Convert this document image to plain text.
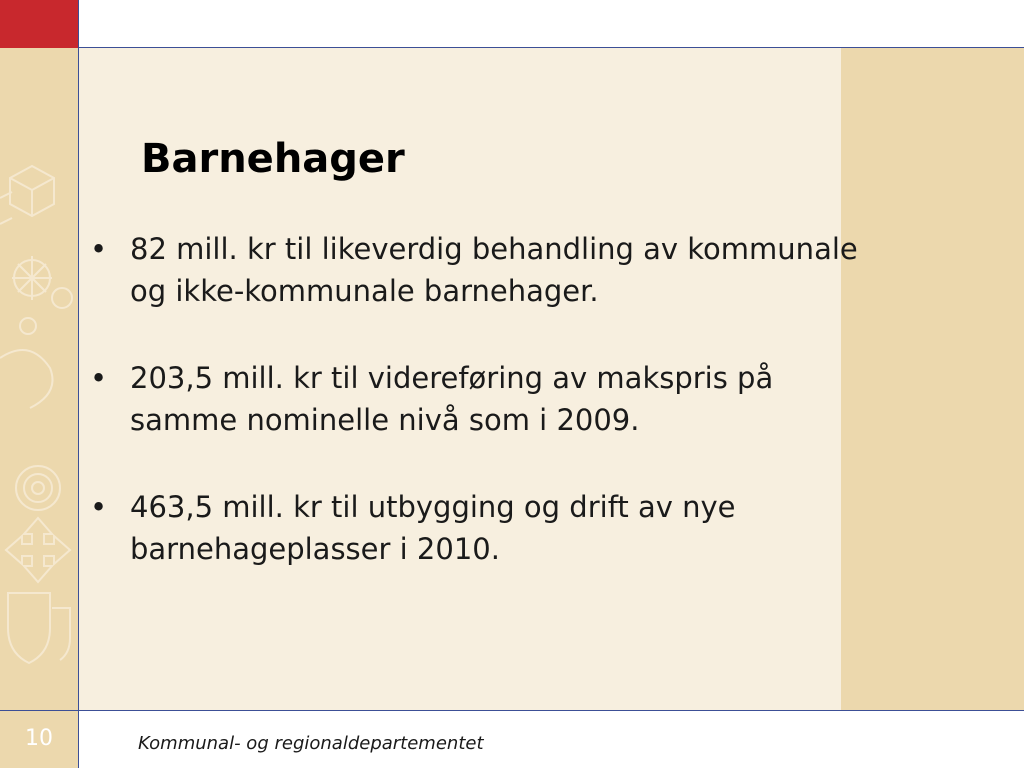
Barnehager
• 82 mill. kr til likeverdig behandling av kommunale og ikke-kommunale barnehager.
• 203,5 mill. kr til videreføring av makspris på samme nominelle nivå som i 2009.
• 463,5 mill. kr til utbygging og drift av nye barnehageplasser i 2010.
10	Kommunal- og regionaldepartementet
